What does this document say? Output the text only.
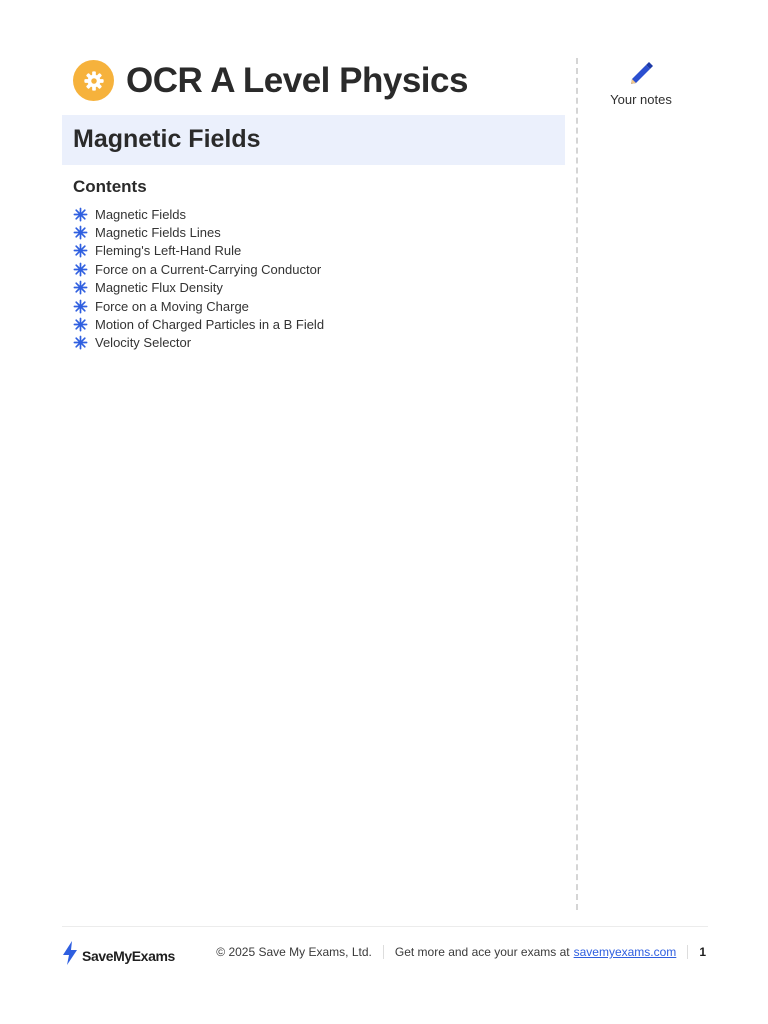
OCR A Level Physics	Your notes
Magnetic Fields
Contents
Magnetic Fields
Magnetic Fields Lines
Fleming's Left-Hand Rule
Force on a Current-Carrying Conductor
Magnetic Flux Density
Force on a Moving Charge
Motion of Charged Particles in a B Field
Velocity Selector
SaveMyExams	© 2025 Save My Exams, Ltd. Get more and ace your exams at savemyexams.com 1
